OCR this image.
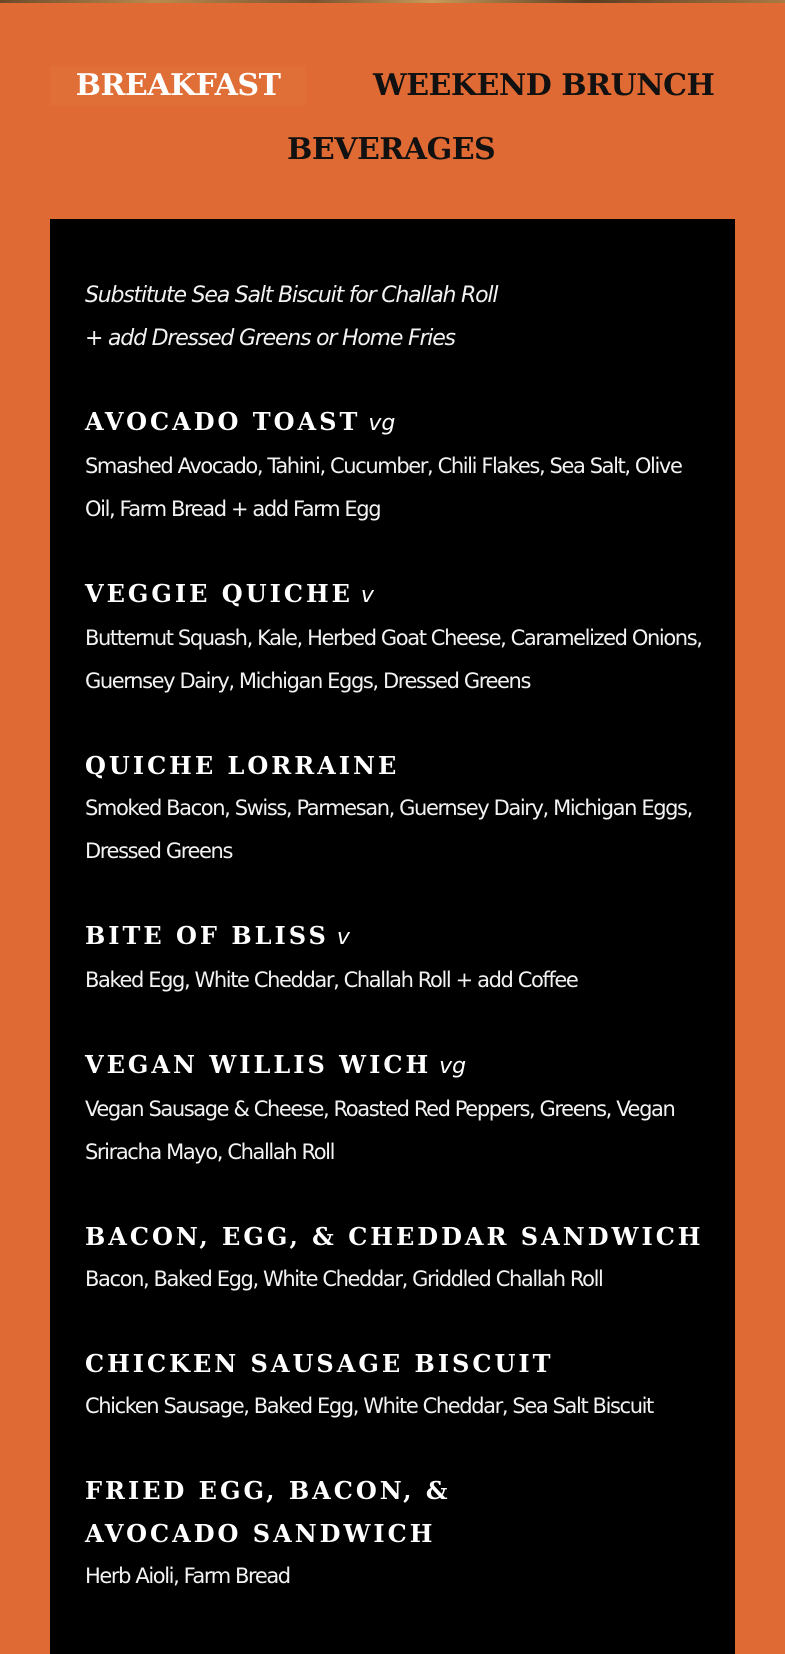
BREAKFAST	WEEKEND BRUNCH
BEVERAGES
Substitute Sea Salt Biscuit for Challah Roll
+ add Dressed Greens or Home Fries
AVOCADO TOAST vg

Smashed Avocado, Tahini, Cucumber, Chili Flakes, Sea Salt, Olive Oil, Farm Bread + add Farm Egg

VEGGIE QUICHE v

Butternut Squash, Kale, Herbed Goat Cheese, Caramelized Onions, Guernsey Dairy, Michigan Eggs, Dressed Greens

QUICHE LORRAINE

Smoked Bacon, Swiss, Parmesan, Guernsey Dairy, Michigan Eggs, Dressed Greens

BITE OF BLISS v

Baked Egg, White Cheddar, Challah Roll + add Coffee

VEGAN WILLIS WICH vg

Vegan Sausage & Cheese, Roasted Red Peppers, Greens, Vegan Sriracha Mayo, Challah Roll

BACON, EGG, & CHEDDAR SANDWICH

Bacon, Baked Egg, White Cheddar, Griddled Challah Roll

CHICKEN SAUSAGE BISCUIT

Chicken Sausage, Baked Egg, White Cheddar, Sea Salt Biscuit

FRIED EGG, BACON, & AVOCADO SANDWICH

Herb Aioli, Farm Bread
